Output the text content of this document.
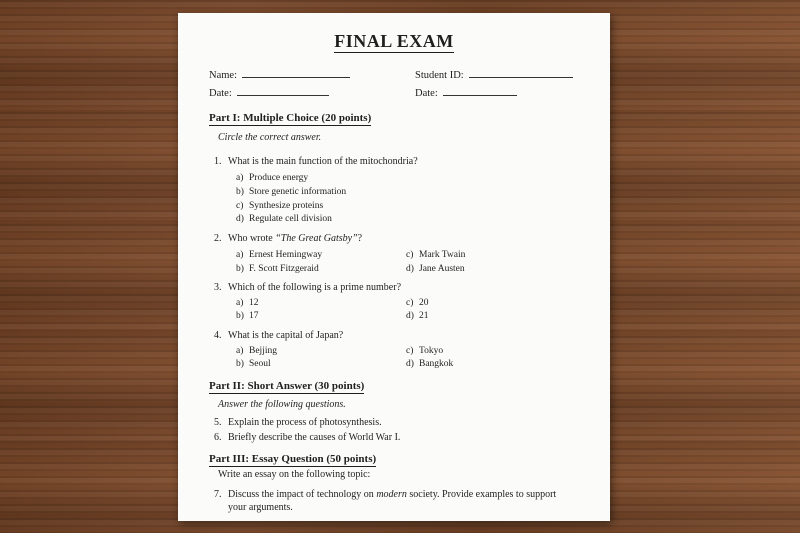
FINAL EXAM
Name:	Student ID:
Date:	Date:
Part I: Multiple Choice (20 points)
Circle the correct answer.
1. What is the main function of the mitochondria?
a) Produce energy
b) Store genetic information
c) Synthesize proteins
d) Regulate cell division
2. Who wrote “The Great Gatsby”?
a) Ernest Hemingway	c) Mark Twain
b) F. Scott Fitzgeraid	d) Jane Austen
3. Which of the following is a prime number?
a) 12	c) 20
b) 17	d) 21
4. What is the capital of Japan?
a) Bejjing	c) Tokyo
b) Seoul	d) Bangkok
Part II: Short Answer (30 points)
Answer the following questions.
5. Explain the process of photosynthesis.
6. Briefly describe the causes of World War I.
Part III: Essay Question (50 points)
Write an essay on the following topic:
7. Discuss the impact of technology on modern society. Provide examples to support
your arguments.
